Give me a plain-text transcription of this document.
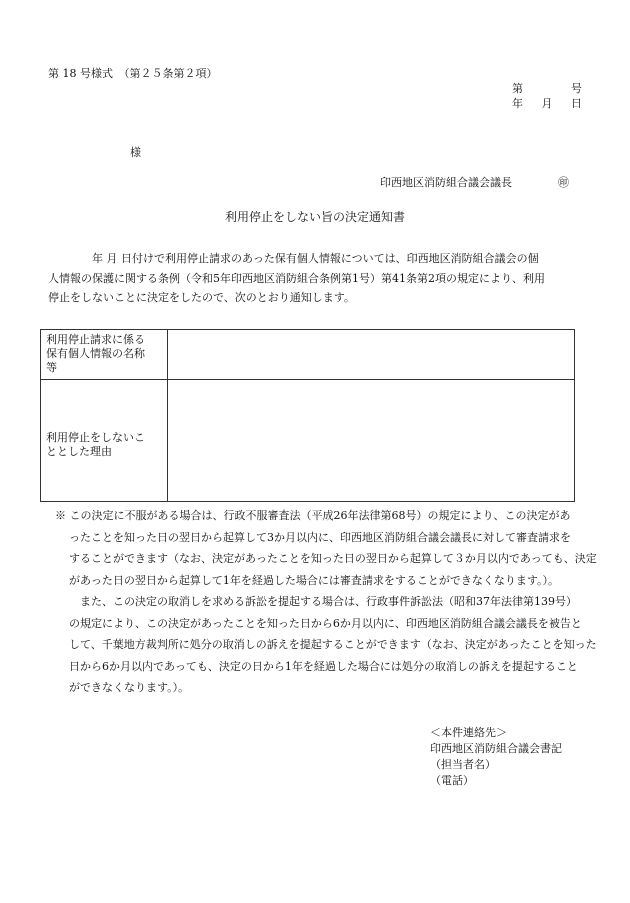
第 18 号様式　（第２５条第２項）
第	号
年 月 日
様
印西地区消防組合議会議長	㊞
利用停止をしない旨の決定通知書

　　　　年 月 日付けで利用停止請求のあった保有個人情報については、印西地区消防組合議会の個

人情報の保護に関する条例（令和5年印西地区消防組合条例第1号）第41条第2項の規定により、利用

停止をしないことに決定をしたので、次のとおり通知します。

利用停止請求に係る
保有個人情報の名称
等
利用停止をしないこ
ととした理由

※ この決定に不服がある場合は、行政不服審査法（平成26年法律第68号）の規定により、この決定があ

ったことを知った日の翌日から起算して3か月以内に、印西地区消防組合議会議長に対して審査請求を

することができます（なお、決定があったことを知った日の翌日から起算して３か月以内であっても、決定

があった日の翌日から起算して1年を経過した場合には審査請求をすることができなくなります。）。

　また、この決定の取消しを求める訴訟を提起する場合は、行政事件訴訟法（昭和37年法律第139号）

の規定により、この決定があったことを知った日から6か月以内に、印西地区消防組合議会議長を被告と

して、千葉地方裁判所に処分の取消しの訴えを提起することができます（なお、決定があったことを知った

日から6か月以内であっても、決定の日から1年を経過した場合には処分の取消しの訴えを提起すること

ができなくなります。）。

＜本件連絡先＞
印西地区消防組合議会書記
（担当者名）
（電話）
